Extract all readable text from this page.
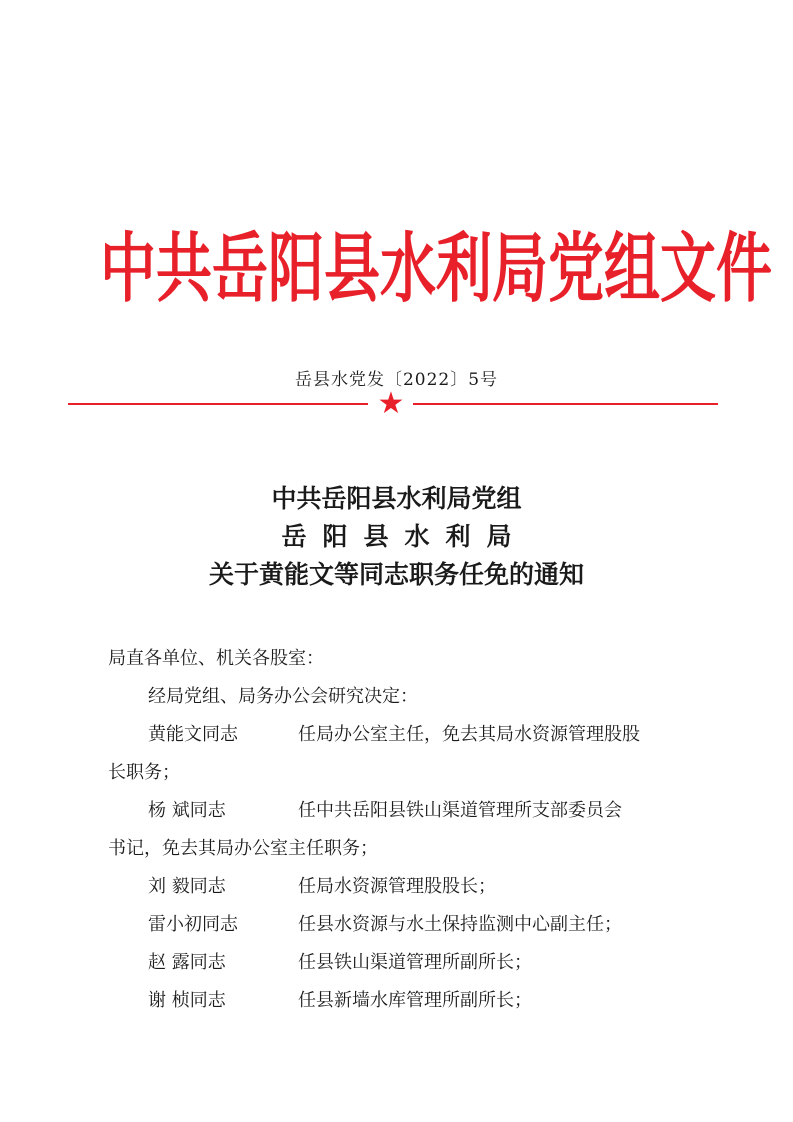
中 共 岳 阳 县 水 利 局 党 组 文 件
岳县水党发〔2022〕5号
★
中共岳阳县水利局党组
岳阳县水利局
关于黄能文等同志职务任免的通知
局直各单位、机关各股室：
经局党组、局务办公会研究决定：
黄能文同志	任局办公室主任，免去其局水资源管理股股
长职务；
杨 斌同志	任中共岳阳县铁山渠道管理所支部委员会
书记，免去其局办公室主任职务；
刘 毅同志	任局水资源管理股股长；
雷小初同志	任县水资源与水土保持监测中心副主任；
赵 露同志	任县铁山渠道管理所副所长；
谢 桢同志	任县新墙水库管理所副所长；
